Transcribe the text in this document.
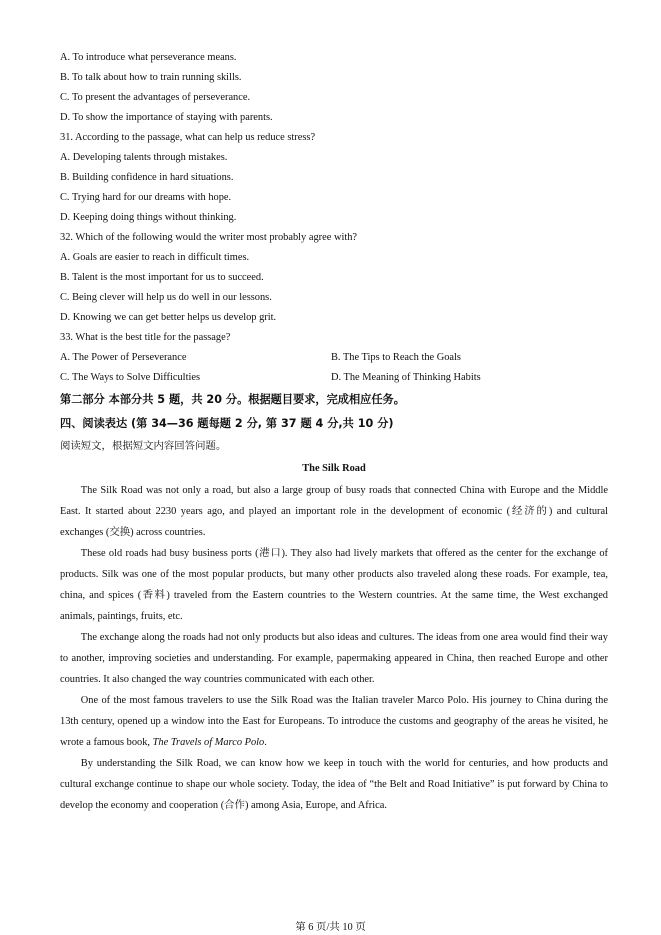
A. To introduce what perseverance means.
B. To talk about how to train running skills.
C. To present the advantages of perseverance.
D. To show the importance of staying with parents.
31. According to the passage, what can help us reduce stress?
A. Developing talents through mistakes.
B. Building confidence in hard situations.
C. Trying hard for our dreams with hope.
D. Keeping doing things without thinking.
32. Which of the following would the writer most probably agree with?
A. Goals are easier to reach in difficult times.
B. Talent is the most important for us to succeed.
C. Being clever will help us do well in our lessons.
D. Knowing we can get better helps us develop grit.
33. What is the best title for the passage?
A. The Power of Perseverance	B. The Tips to Reach the Goals
C. The Ways to Solve Difficulties	D. The Meaning of Thinking Habits
第二部分 本部分共 5 题，共 20 分。根据题目要求，完成相应任务。
四、阅读表达 (第 34—36 题每题 2 分, 第 37 题 4 分,共 10 分)
阅读短文，根据短文内容回答问题。
The Silk Road

The Silk Road was not only a road, but also a large group of busy roads that connected China with Europe and the Middle East. It started about 2230 years ago, and played an important role in the development of economic (经济的) and cultural exchanges (交换) across countries.

These old roads had busy business ports (港口). They also had lively markets that offered as the center for the exchange of products. Silk was one of the most popular products, but many other products also traveled along these roads. For example, tea, china, and spices (香料) traveled from the Eastern countries to the Western countries. At the same time, the West exchanged animals, paintings, fruits, etc.

The exchange along the roads had not only products but also ideas and cultures. The ideas from one area would find their way to another, improving societies and understanding. For example, papermaking appeared in China, then reached Europe and other countries. It also changed the way countries communicated with each other.

One of the most famous travelers to use the Silk Road was the Italian traveler Marco Polo. His journey to China during the 13th century, opened up a window into the East for Europeans. To introduce the customs and geography of the areas he visited, he wrote a famous book, The Travels of Marco Polo.

By understanding the Silk Road, we can know how we keep in touch with the world for centuries, and how products and cultural exchange continue to shape our whole society. Today, the idea of “the Belt and Road Initiative” is put forward by China to develop the economy and cooperation (合作) among Asia, Europe, and Africa.

第 6 页/共 10 页
